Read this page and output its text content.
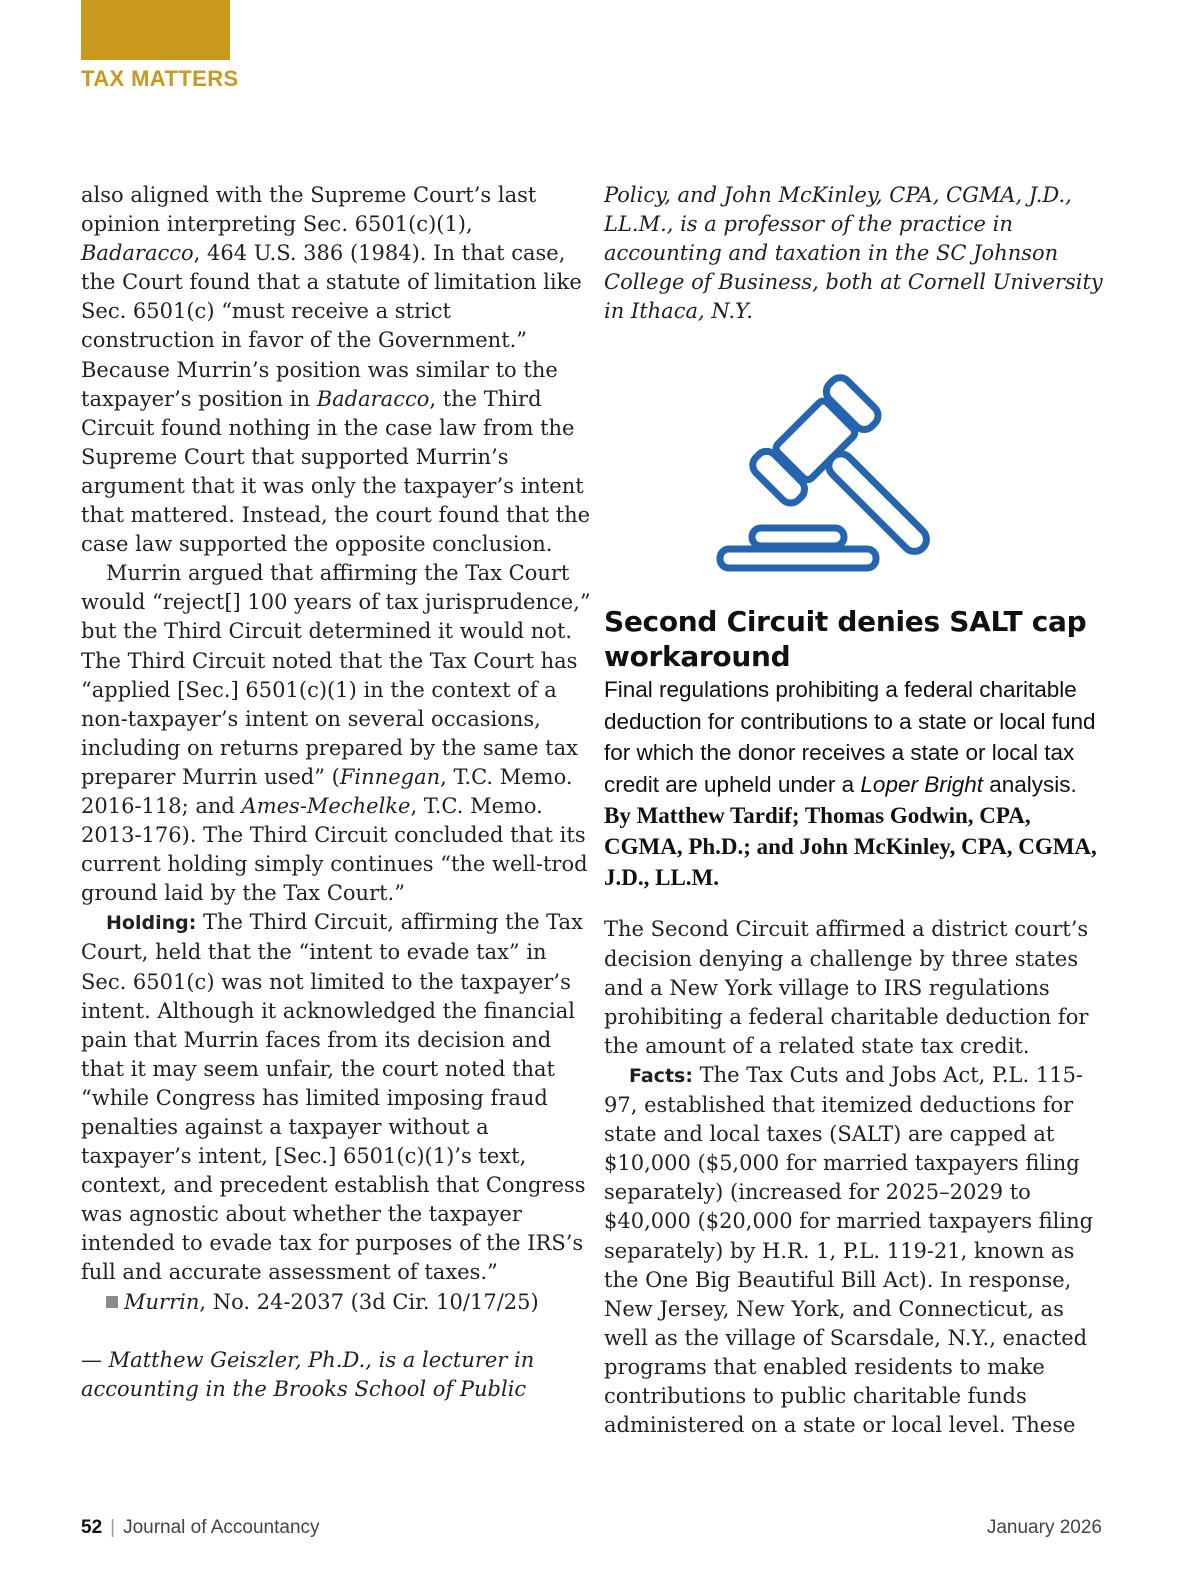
TAX MATTERS

also aligned with the Supreme Court’s last opinion interpreting Sec. 6501(c)(1), Badaracco, 464 U.S. 386 (1984). In that case, the Court found that a statute of limitation like Sec. 6501(c) “must receive a strict construction in favor of the Government.” Because Murrin’s position was similar to the taxpayer’s position in Badaracco, the Third Circuit found nothing in the case law from the Supreme Court that supported Murrin’s argument that it was only the taxpayer’s intent that mattered. Instead, the court found that the case law supported the opposite conclusion.

Murrin argued that affirming the Tax Court would “reject[] 100 years of tax jurisprudence,” but the Third Circuit determined it would not. The Third Circuit noted that the Tax Court has “applied [Sec.] 6501(c)(1) in the context of a non-taxpayer’s intent on several occasions, including on returns prepared by the same tax preparer Murrin used” (Finnegan, T.C. Memo. 2016-118; and Ames-Mechelke, T.C. Memo. 2013-176). The Third Circuit concluded that its current holding simply continues “the well-trod ground laid by the Tax Court.”

Holding: The Third Circuit, affirming the Tax Court, held that the “intent to evade tax” in Sec. 6501(c) was not limited to the taxpayer’s intent. Although it acknowledged the financial pain that Murrin faces from its decision and that it may seem unfair, the court noted that “while Congress has limited imposing fraud penalties against a taxpayer without a taxpayer’s intent, [Sec.] 6501(c)(1)’s text, context, and precedent establish that Congress was agnostic about whether the taxpayer intended to evade tax for purposes of the IRS’s full and accurate assessment of taxes.”

Murrin, No. 24-2037 (3d Cir. 10/17/25)

— Matthew Geiszler, Ph.D., is a lecturer in accounting in the Brooks School of Public

Policy, and John McKinley, CPA, CGMA, J.D., LL.M., is a professor of the practice in accounting and taxation in the SC Johnson College of Business, both at Cornell University in Ithaca, N.Y.

Second Circuit denies SALT cap workaround

Final regulations prohibiting a federal charitable deduction for contributions to a state or local fund for which the donor receives a state or local tax credit are upheld under a Loper Bright analysis.

By Matthew Tardif; Thomas Godwin, CPA, CGMA, Ph.D.; and John McKinley, CPA, CGMA, J.D., LL.M.

The Second Circuit affirmed a district court’s decision denying a challenge by three states and a New York village to IRS regulations prohibiting a federal charitable deduction for the amount of a related state tax credit.

Facts: The Tax Cuts and Jobs Act, P.L. 115-97, established that itemized deductions for state and local taxes (SALT) are capped at $10,000 ($5,000 for married taxpayers filing separately) (increased for 2025–2029 to $40,000 ($20,000 for married taxpayers filing separately) by H.R. 1, P.L. 119-21, known as the One Big Beautiful Bill Act). In response, New Jersey, New York, and Connecticut, as well as the village of Scarsdale, N.Y., enacted programs that enabled residents to make contributions to public charitable funds administered on a state or local level. These

52 | Journal of Accountancy	January 2026
